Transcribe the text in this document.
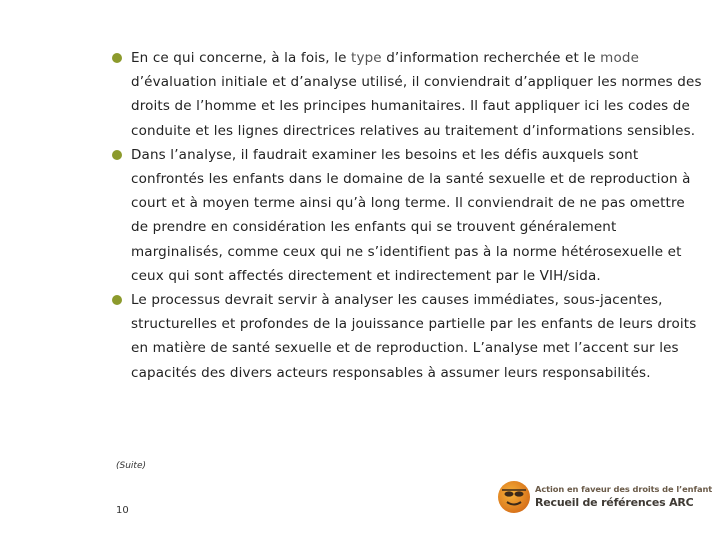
En ce qui concerne, à la fois, le type d’information recherchée et le mode d’évaluation initiale et d’analyse utilisé, il conviendrait d’appliquer les normes des droits de l’homme et les principes humanitaires. Il faut appliquer ici les codes de conduite et les lignes directrices relatives au traitement d’informations sensibles.
Dans l’analyse, il faudrait examiner les besoins et les défis auxquels sont confrontés les enfants dans le domaine de la santé sexuelle et de reproduction à court et à moyen terme ainsi qu’à long terme. Il conviendrait de ne pas omettre de prendre en considération les enfants qui se trouvent généralement marginalisés, comme ceux qui ne s’identifient pas à la norme hétérosexuelle et ceux qui sont affectés directement et indirectement par le VIH/sida.
Le processus devrait servir à analyser les causes immédiates, sous-jacentes, structurelles et profondes de la jouissance partielle par les enfants de leurs droits en matière de santé sexuelle et de reproduction. L’analyse met l’accent sur les capacités des divers acteurs responsables à assumer leurs responsabilités.
(Suite)
10
Action en faveur des droits de l’enfant
Recueil de références ARC
